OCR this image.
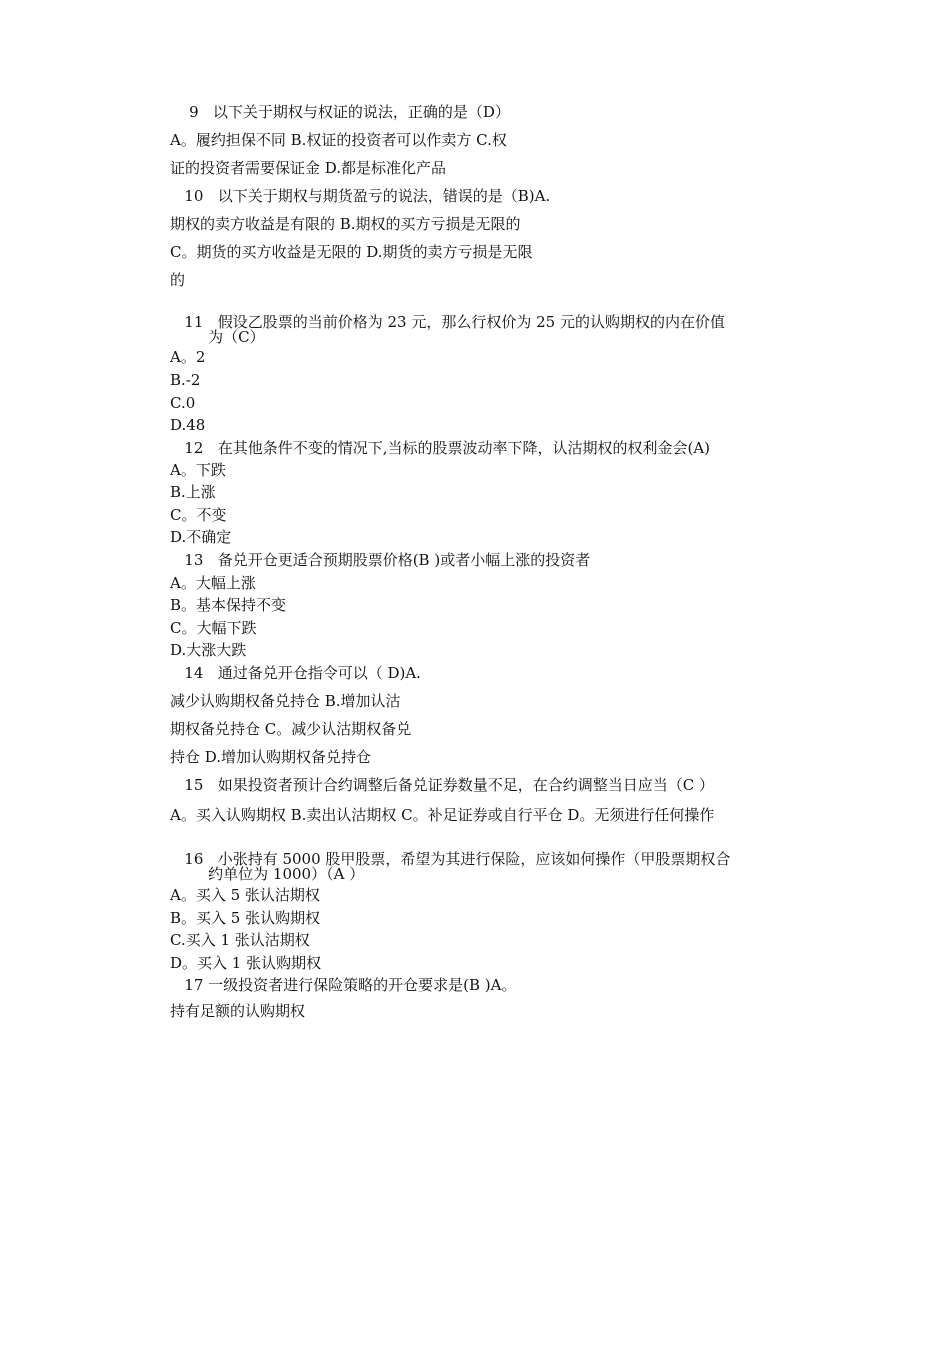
9   以下关于期权与权证的说法，正确的是（D）
A。履约担保不同 B.权证的投资者可以作卖方 C.权
证的投资者需要保证金 D.都是标准化产品
10   以下关于期权与期货盈亏的说法，错误的是（B)A.
期权的卖方收益是有限的 B.期权的买方亏损是无限的
C。期货的买方收益是无限的 D.期货的卖方亏损是无限
的
11   假设乙股票的当前价格为 23 元，那么行权价为 25 元的认购期权的内在价值
为（C）
A。2
B.-2
C.0
D.48
12   在其他条件不变的情况下,当标的股票波动率下降，认沽期权的权利金会(A)
A。下跌
B.上涨
C。不变
D.不确定
13   备兑开仓更适合预期股票价格(B )或者小幅上涨的投资者
A。大幅上涨
B。基本保持不变
C。大幅下跌
D.大涨大跌
14   通过备兑开仓指令可以（ D)A.
减少认购期权备兑持仓 B.增加认沽
期权备兑持仓 C。减少认沽期权备兑
持仓 D.增加认购期权备兑持仓
15   如果投资者预计合约调整后备兑证券数量不足，在合约调整当日应当（C ）
A。买入认购期权 B.卖出认沽期权 C。补足证券或自行平仓 D。无须进行任何操作
16   小张持有 5000 股甲股票，希望为其进行保险，应该如何操作（甲股票期权合
约单位为 1000）（A ）
A。买入 5 张认沽期权
B。买入 5 张认购期权
C.买入 1 张认沽期权
D。买入 1 张认购期权
17 一级投资者进行保险策略的开仓要求是(B )A。
持有足额的认购期权
